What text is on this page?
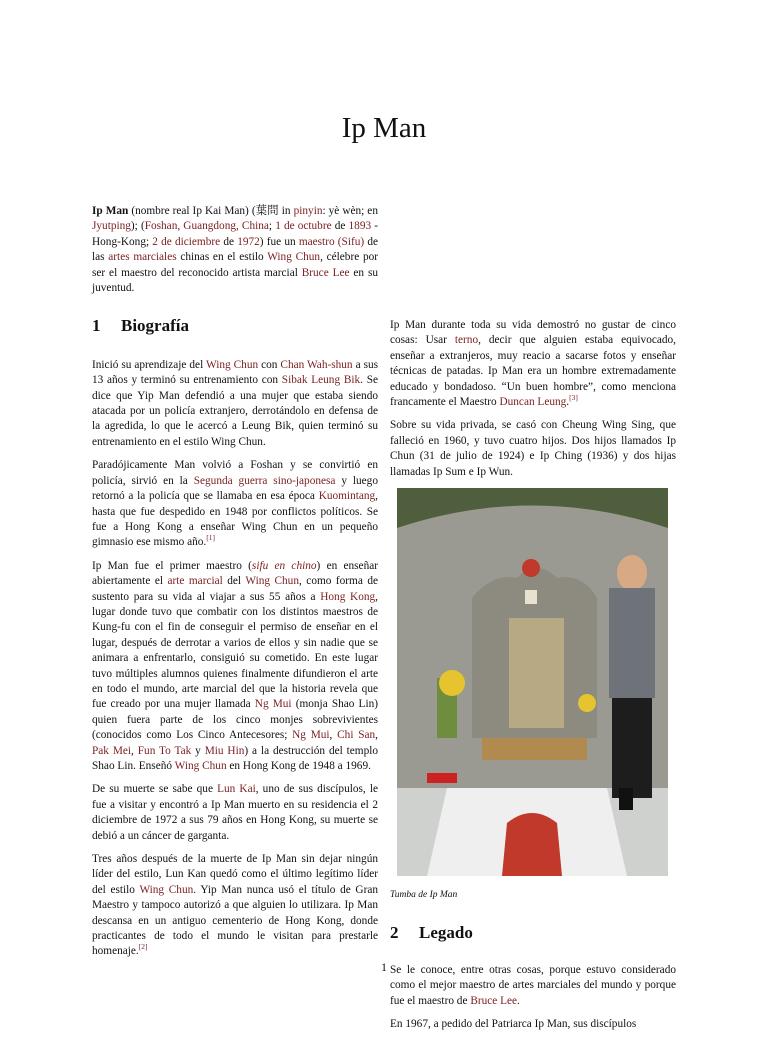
Ip Man

Ip Man (nombre real Ip Kai Man) (葉問 in pinyin: yè wèn; en Jyutping); (Foshan, Guangdong, China; 1 de octubre de 1893 - Hong-Kong; 2 de diciembre de 1972) fue un maestro (Sifu) de las artes marciales chinas en el estilo Wing Chun, célebre por ser el maestro del reconocido artista marcial Bruce Lee en su juventud.

1 Biografía

Inició su aprendizaje del Wing Chun con Chan Wah-shun a sus 13 años y terminó su entrenamiento con Sibak Leung Bik. Se dice que Yip Man defendió a una mujer que estaba siendo atacada por un policía extranjero, derrotándolo en defensa de la agredida, lo que le acercó a Leung Bik, quien terminó su entrenamiento en el estilo Wing Chun.

Paradójicamente Man volvió a Foshan y se convirtió en policía, sirvió en la Segunda guerra sino-japonesa y luego retornó a la policía que se llamaba en esa época Kuomintang, hasta que fue despedido en 1948 por conflictos políticos. Se fue a Hong Kong a enseñar Wing Chun en un pequeño gimnasio ese mismo año.[1]

Ip Man fue el primer maestro (sifu en chino) en enseñar abiertamente el arte marcial del Wing Chun, como forma de sustento para su vida al viajar a sus 55 años a Hong Kong, lugar donde tuvo que combatir con los distintos maestros de Kung-fu con el fin de conseguir el permiso de enseñar en el lugar, después de derrotar a varios de ellos y sin nadie que se animara a enfrentarlo, consiguió su cometido. En este lugar tuvo múltiples alumnos quienes finalmente difundieron el arte en todo el mundo, arte marcial del que la historia revela que fue creado por una mujer llamada Ng Mui (monja Shao Lin) quien fuera parte de los cinco monjes sobrevivientes (conocidos como Los Cinco Antecesores; Ng Mui, Chi San, Pak Mei, Fun To Tak y Miu Hin) a la destrucción del templo Shao Lin. Enseñó Wing Chun en Hong Kong de 1948 a 1969.

De su muerte se sabe que Lun Kai, uno de sus discípulos, le fue a visitar y encontró a Ip Man muerto en su residencia el 2 diciembre de 1972 a sus 79 años en Hong Kong, su muerte se debió a un cáncer de garganta.

Tres años después de la muerte de Ip Man sin dejar ningún líder del estilo, Lun Kan quedó como el último legítimo líder del estilo Wing Chun. Yip Man nunca usó el título de Gran Maestro y tampoco autorizó a que alguien lo utilizara. Ip Man descansa en un antiguo cementerio de Hong Kong, donde practicantes de todo el mundo le visitan para prestarle homenaje.[2]

Ip Man durante toda su vida demostró no gustar de cinco cosas: Usar terno, decir que alguien estaba equivocado, enseñar a extranjeros, muy reacio a sacarse fotos y enseñar técnicas de patadas. Ip Man era un hombre extremadamente educado y bondadoso. “Un buen hombre”, como menciona francamente el Maestro Duncan Leung.[3]

Sobre su vida privada, se casó con Cheung Wing Sing, que falleció en 1960, y tuvo cuatro hijos. Dos hijos llamados Ip Chun (31 de julio de 1924) e Ip Ching (1936) y dos hijas llamadas Ip Sum e Ip Wun.

Tumba de Ip Man

2 Legado

Se le conoce, entre otras cosas, porque estuvo considerado como el mejor maestro de artes marciales del mundo y porque fue el maestro de Bruce Lee.

En 1967, a pedido del Patriarca Ip Man, sus discípulos

1
